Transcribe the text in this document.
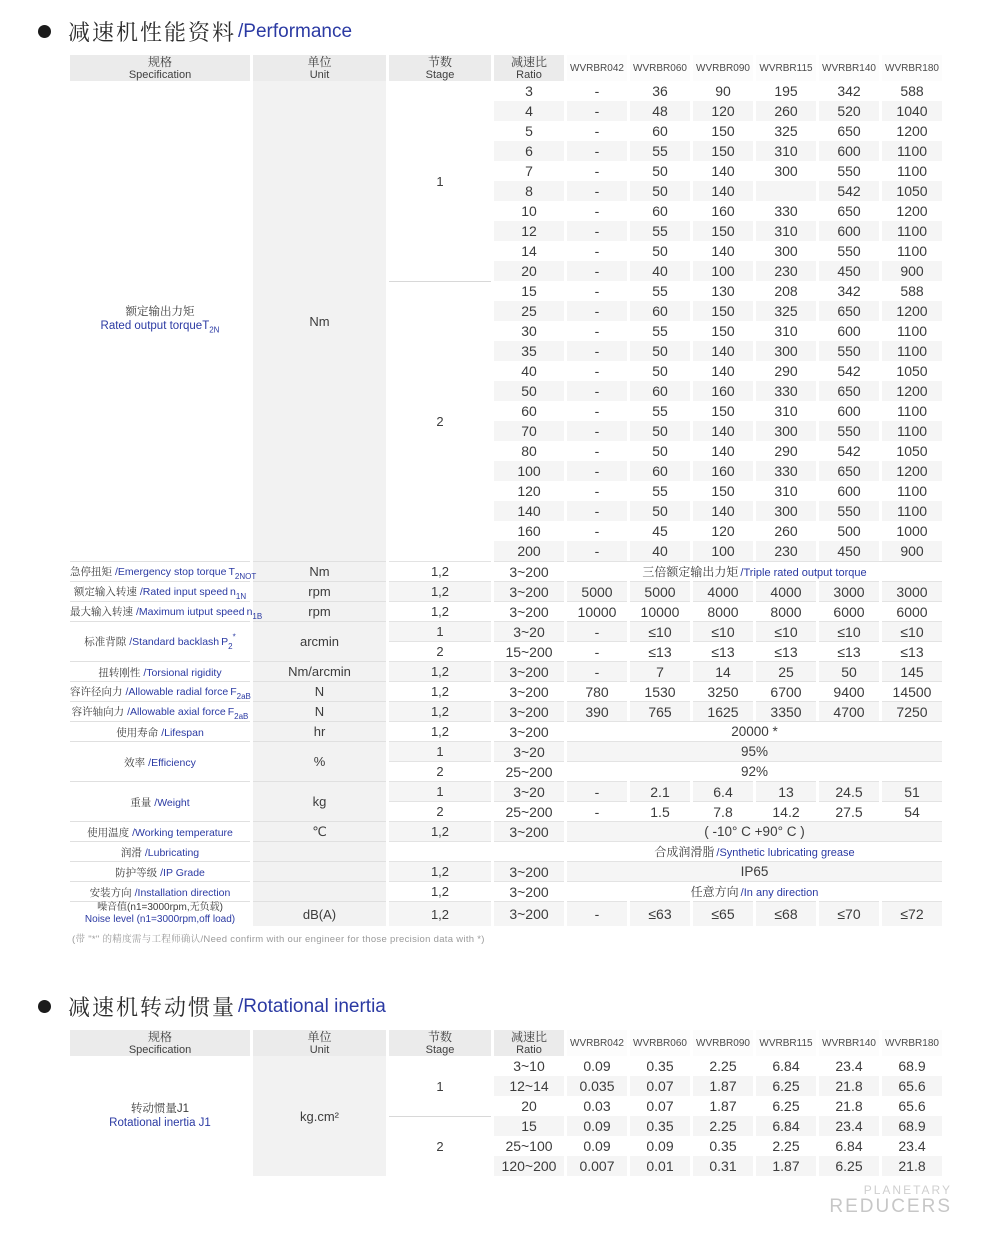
减速机性能资料 /Performance
规格
Specification

单位
Unit

节数
Stage

减速比
Ratio
	WVRBR042	WVRBR060	WVRBR090	WVRBR115	WVRBR140	WVRBR180

额定输出力矩
Rated output torqueT$_{2N}$	Nm	1	3	-	36	90	195	342	588
			4	-	48	120	260	520	1040
			5	-	60	150	325	650	1200
			6	-	55	150	310	600	1100
			7	-	50	140	300	550	1100
			8	-	50	140		542	1050
			10	-	60	160	330	650	1200
			12	-	55	150	310	600	1100
			14	-	50	140	300	550	1100
			20	-	40	100	230	450	900
		2	15	-	55	130	208	342	588
			25	-	60	150	325	650	1200
			30	-	55	150	310	600	1100
			35	-	50	140	300	550	1100
			40	-	50	140	290	542	1050
			50	-	60	160	330	650	1200
			60	-	55	150	310	600	1100
			70	-	50	140	300	550	1100
			80	-	50	140	290	542	1050
			100	-	60	160	330	650	1200
			120	-	55	150	310	600	1100
			140	-	50	140	300	550	1100
			160	-	45	120	260	500	1000
			200	-	40	100	230	450	900
急停扭矩 /Emergency stop torque $T_{2NOT}$	Nm	1,2	3~200	三倍额定输出力矩 /Triple rated output torque					
额定输入转速 /Rated input speed $n_{1N}$	rpm	1,2	3~200	5000	5000	4000	4000	3000	3000
最大输入转速 /Maximum iutput speed $n_{1B}$	rpm	1,2	3~200	10000	10000	8000	8000	6000	6000
标准背隙 /Standard backlash $P_2^*$	arcmin	1	3~20	-	≤10	≤10	≤10	≤10	≤10
		2	15~200	-	≤13	≤13	≤13	≤13	≤13
扭转刚性 /Torsional rigidity	Nm/arcmin	1,2	3~200	-	7	14	25	50	145
容许径向力 /Allowable radial force $F_{2aB}$	N	1,2	3~200	780	1530	3250	6700	9400	14500
容许轴向力 /Allowable axial force $F_{2aB}$	N	1,2	3~200	390	765	1625	3350	4700	7250
使用寿命 /Lifespan	hr	1,2	3~200	20000 *					
效率 /Efficiency	%	1	3~20	95%					
		2	25~200	92%					
重量 /Weight	kg	1	3~20	-	2.1	6.4	13	24.5	51
		2	25~200	-	1.5	7.8	14.2	27.5	54
使用温度 /Working temperature	℃	1,2	3~200	( -10° C +90° C )					
润滑 /Lubricating				合成润滑脂 /Synthetic lubricating grease					
防护等级 /IP Grade		1,2	3~200	IP65					
安装方向 /Installation direction		1,2	3~200	任意方向 /In any direction					

噪音值(n1=3000rpm,无负载)
Noise level (n1=3000rpm,off load)	dB(A)	1,2	3~200	-	≤63	≤65	≤68	≤70	≤72
(带 "*" 的精度需与工程师确认/Need confirm with our engineer for those precision data with *)
减速机转动惯量 /Rotational inertia
规格
Specification

单位
Unit

节数
Stage

减速比
Ratio
	WVRBR042	WVRBR060	WVRBR090	WVRBR115	WVRBR140	WVRBR180

转动惯量J1
Rotational inertia J1	kg.cm²	1	3~10	0.09	0.35	2.25	6.84	23.4	68.9
			12~14	0.035	0.07	1.87	6.25	21.8	65.6
			20	0.03	0.07	1.87	6.25	21.8	65.6
		2	15	0.09	0.35	2.25	6.84	23.4	68.9
			25~100	0.09	0.09	0.35	2.25	6.84	23.4
			120~200	0.007	0.01	0.31	1.87	6.25	21.8
PLANETARY
REDUCERS
